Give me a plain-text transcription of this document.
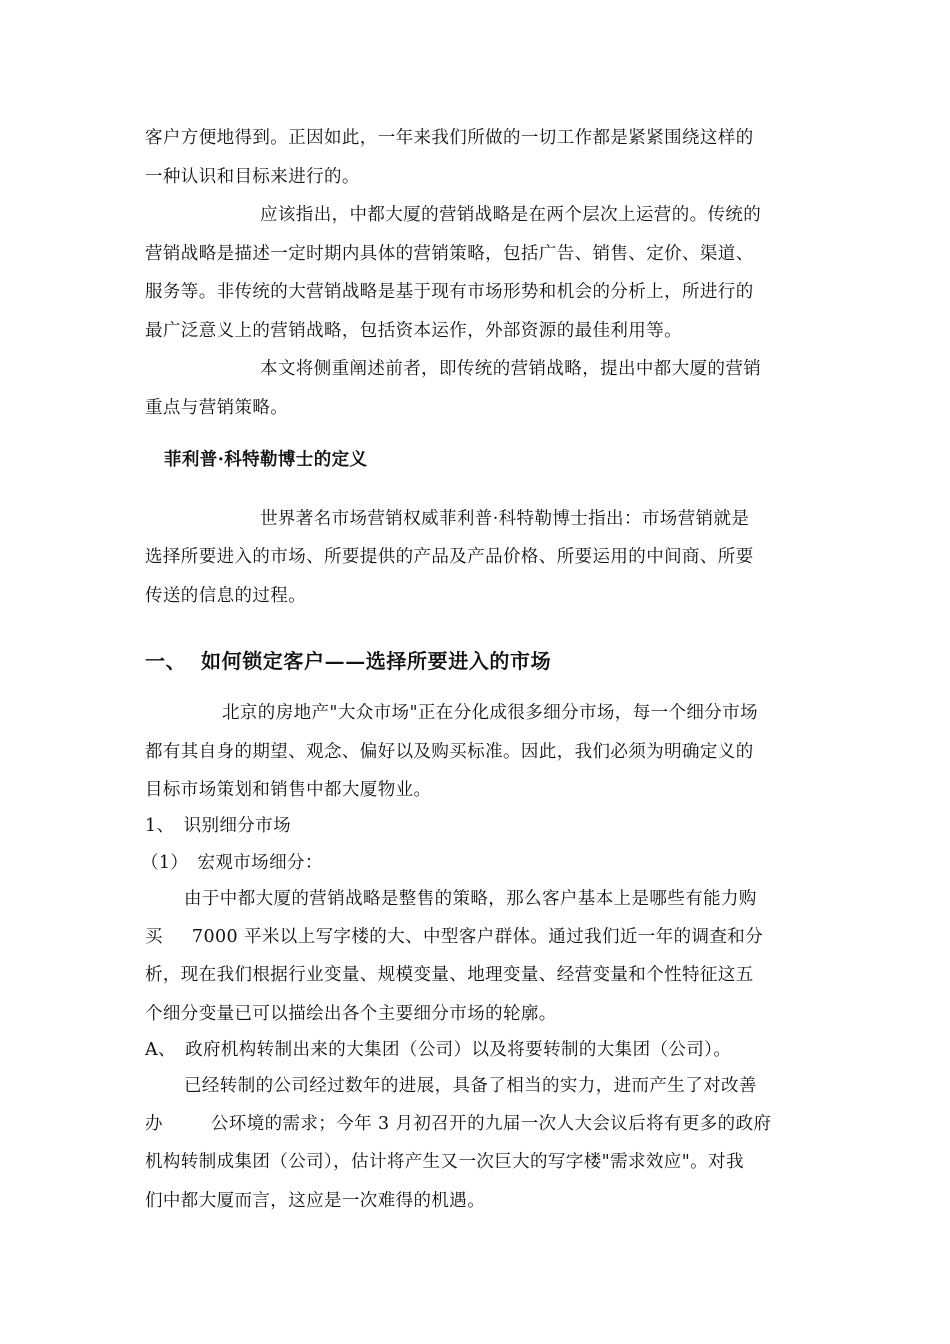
客户方便地得到。正因如此，一年来我们所做的一切工作都是紧紧围绕这样的
一种认识和目标来进行的。
应该指出，中都大厦的营销战略是在两个层次上运营的。传统的
营销战略是描述一定时期内具体的营销策略，包括广告、销售、定价、渠道、
服务等。非传统的大营销战略是基于现有市场形势和机会的分析上，所进行的
最广泛意义上的营销战略，包括资本运作，外部资源的最佳利用等。
本文将侧重阐述前者，即传统的营销战略，提出中都大厦的营销
重点与营销策略。
菲利普·科特勒博士的定义
世界著名市场营销权威菲利普·科特勒博士指出：市场营销就是
选择所要进入的市场、所要提供的产品及产品价格、所要运用的中间商、所要
传送的信息的过程。
一、 如何锁定客户——选择所要进入的市场
北京的房地产"大众市场"正在分化成很多细分市场，每一个细分市场
都有其自身的期望、观念、偏好以及购买标准。因此，我们必须为明确定义的
目标市场策划和销售中都大厦物业。
1、　识别细分市场
（1）　宏观市场细分：
由于中都大厦的营销战略是整售的策略，那么客户基本上是哪些有能力购
买 7000 平米以上写字楼的大、中型客户群体。通过我们近一年的调查和分
析，现在我们根据行业变量、规模变量、地理变量、经营变量和个性特征这五
个细分变量已可以描绘出各个主要细分市场的轮廓。
A、　政府机构转制出来的大集团（公司）以及将要转制的大集团（公司）。
已经转制的公司经过数年的进展，具备了相当的实力，进而产生了对改善
办	公环境的需求；今年 3 月初召开的九届一次人大会议后将有更多的政府
机构转制成集团（公司），估计将产生又一次巨大的写字楼"需求效应"。对我
们中都大厦而言，这应是一次难得的机遇。
